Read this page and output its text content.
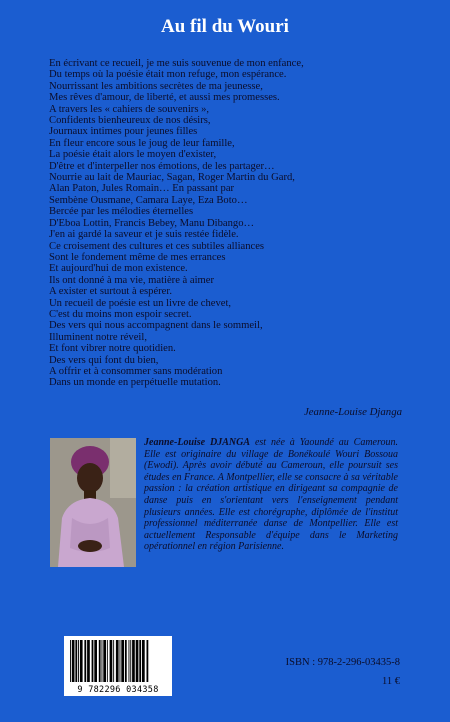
Au fil du Wouri
En écrivant ce recueil, je me suis souvenue de mon enfance,
Du temps où la poésie était mon refuge, mon espérance.
Nourrissant les ambitions secrètes de ma jeunesse,
Mes rêves d'amour, de liberté, et aussi mes promesses.
A travers les « cahiers de souvenirs »,
Confidents bienheureux de nos désirs,
Journaux intimes pour jeunes filles
En fleur encore sous le joug de leur famille,
La poésie était alors le moyen d'exister,
D'être et d'interpeller nos émotions, de les partager…
Nourrie au lait de Mauriac, Sagan, Roger Martin du Gard,
Alan Paton, Jules Romain… En passant par
Sembène Ousmane, Camara Laye, Eza Boto…
Bercée par les mélodies éternelles
D'Eboa Lottin, Francis Bebey, Manu Dibango…
J'en ai gardé la saveur et je suis restée fidèle.
Ce croisement des cultures et ces subtiles alliances
Sont le fondement même de mes errances
Et aujourd'hui de mon existence.
Ils ont donné à ma vie, matière à aimer
A exister et surtout à espérer.
Un recueil de poésie est un livre de chevet,
C'est du moins mon espoir secret.
Des vers qui nous accompagnent dans le sommeil,
Illuminent notre réveil,
Et font vibrer notre quotidien.
Des vers qui font du bien,
A offrir et à consommer sans modération
Dans un monde en perpétuelle mutation.
Jeanne-Louise Djanga
Jeanne-Louise DJANGA est née à Yaoundé au Cameroun. Elle est originaire du village de Bonékoulé Wouri Bossoua (Ewodi). Après avoir débuté au Cameroun, elle poursuit ses études en France. A Montpellier, elle se consacre à sa véritable passion : la création artistique en dirigeant sa compagnie de danse puis en s'orientant vers l'enseignement pendant plusieurs années. Elle est chorégraphe, diplômée de l'institut professionnel méditerranée danse de Montpellier. Elle est actuellement Responsable d'équipe dans le Marketing opérationnel en région Parisienne.
9 782296 034358
ISBN : 978-2-296-03435-8
11 €
